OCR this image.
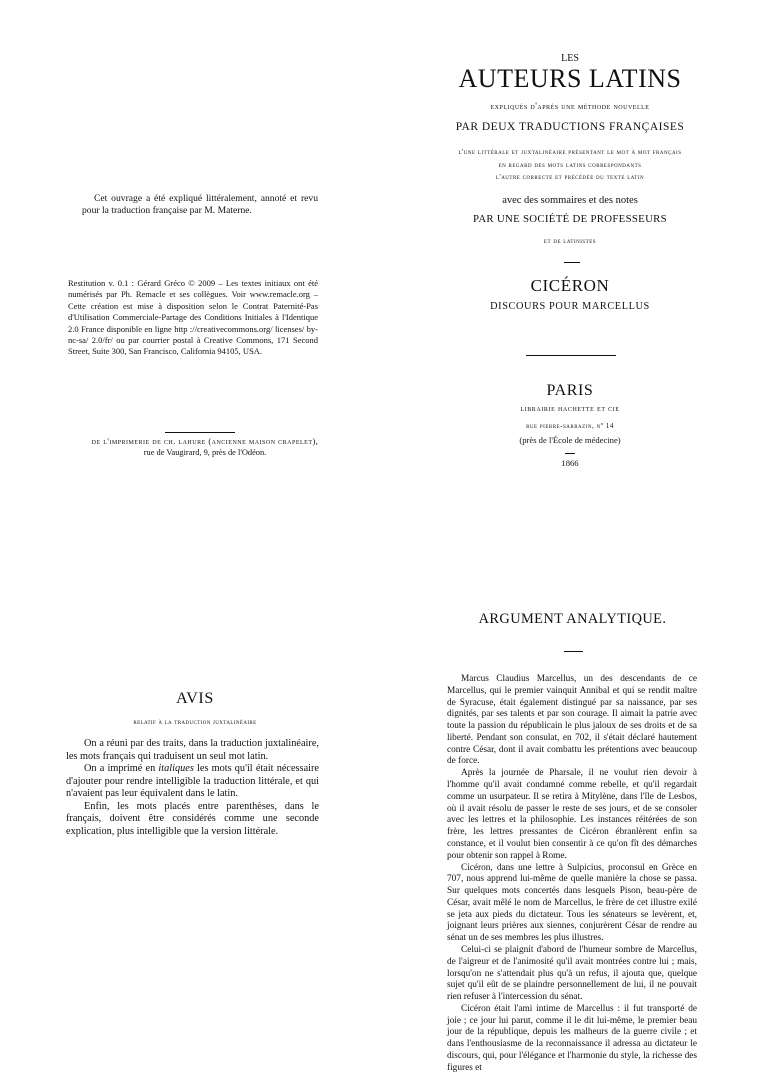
Cet ouvrage a été expliqué littéralement, annoté et revu pour la traduction française par M. Materne.
Restitution v. 0.1 : Gérard Gréco © 2009 – Les textes initiaux ont été numérisés par Ph. Remacle et ses collègues. Voir www.remacle.org – Cette création est mise à disposition selon le Contrat Paternité-Pas d'Utilisation Commerciale-Partage des Conditions Initiales à l'Identique 2.0 France disponible en ligne http ://creativecommons.org/ licenses/ by-nc-sa/ 2.0/fr/ ou par courrier postal à Creative Commons, 171 Second Street, Suite 300, San Francisco, California 94105, USA.
de l'imprimerie de ch. lahure (ancienne maison crapelet),
rue de Vaugirard, 9, près de l'Odéon.
LES
AUTEURS LATINS
expliqués d'après une méthode nouvelle
PAR DEUX TRADUCTIONS FRANÇAISES
l'une littérale et juxtalinéaire présentant le mot à mot français
en regard des mots latins correspondants
l'autre correcte et précédée du texte latin
avec des sommaires et des notes
PAR UNE SOCIÉTÉ DE PROFESSEURS
et de latinistes
CICÉRON
DISCOURS POUR MARCELLUS
PARIS
librairie hachette et cie
rue pierre-sarrazin, nº 14
(près de l'École de médecine)
1866
AVIS
relatif à la traduction juxtalinéaire

On a réuni par des traits, dans la traduction juxtalinéaire, les mots français qui traduisent un seul mot latin.

On a imprimé en italiques les mots qu'il était nécessaire d'ajouter pour rendre intelligible la traduction littérale, et qui n'avaient pas leur équivalent dans le latin.

Enfin, les mots placés entre parenthèses, dans le français, doivent être considérés comme une seconde explication, plus intelligible que la version littérale.

ARGUMENT ANALYTIQUE.

Marcus Claudius Marcellus, un des descendants de ce Marcellus, qui le premier vainquit Annibal et qui se rendit maître de Syracuse, était également distingué par sa naissance, par ses dignités, par ses talents et par son courage. Il aimait la patrie avec toute la passion du républicain le plus jaloux de ses droits et de sa liberté. Pendant son consulat, en 702, il s'était déclaré hautement contre César, dont il avait combattu les prétentions avec beaucoup de force.

Après la journée de Pharsale, il ne voulut rien devoir à l'homme qu'il avait condamné comme rebelle, et qu'il regardait comme un usurpateur. Il se retira à Mitylène, dans l'île de Lesbos, où il avait résolu de passer le reste de ses jours, et de se consoler avec les lettres et la philosophie. Les instances réitérées de son frère, les lettres pressantes de Cicéron ébranlèrent enfin sa constance, et il voulut bien consentir à ce qu'on fît des démarches pour obtenir son rappel à Rome.

Cicéron, dans une lettre à Sulpicius, proconsul en Grèce en 707, nous apprend lui-même de quelle manière la chose se passa. Sur quelques mots concertés dans lesquels Pison, beau-père de César, avait mêlé le nom de Marcellus, le frère de cet illustre exilé se jeta aux pieds du dictateur. Tous les sénateurs se levèrent, et, joignant leurs prières aux siennes, conjurèrent César de rendre au sénat un de ses membres les plus illustres.

Celui-ci se plaignit d'abord de l'humeur sombre de Marcellus, de l'aigreur et de l'animosité qu'il avait montrées contre lui ; mais, lorsqu'on ne s'attendait plus qu'à un refus, il ajouta que, quelque sujet qu'il eût de se plaindre personnellement de lui, il ne pouvait rien refuser à l'intercession du sénat.

Cicéron était l'ami intime de Marcellus : il fut transporté de joie ; ce jour lui parut, comme il le dit lui-même, le premier beau jour de la république, depuis les malheurs de la guerre civile ; et dans l'enthousiasme de la reconnaissance il adressa au dictateur le discours, qui, pour l'élégance et l'harmonie du style, la richesse des figures et
